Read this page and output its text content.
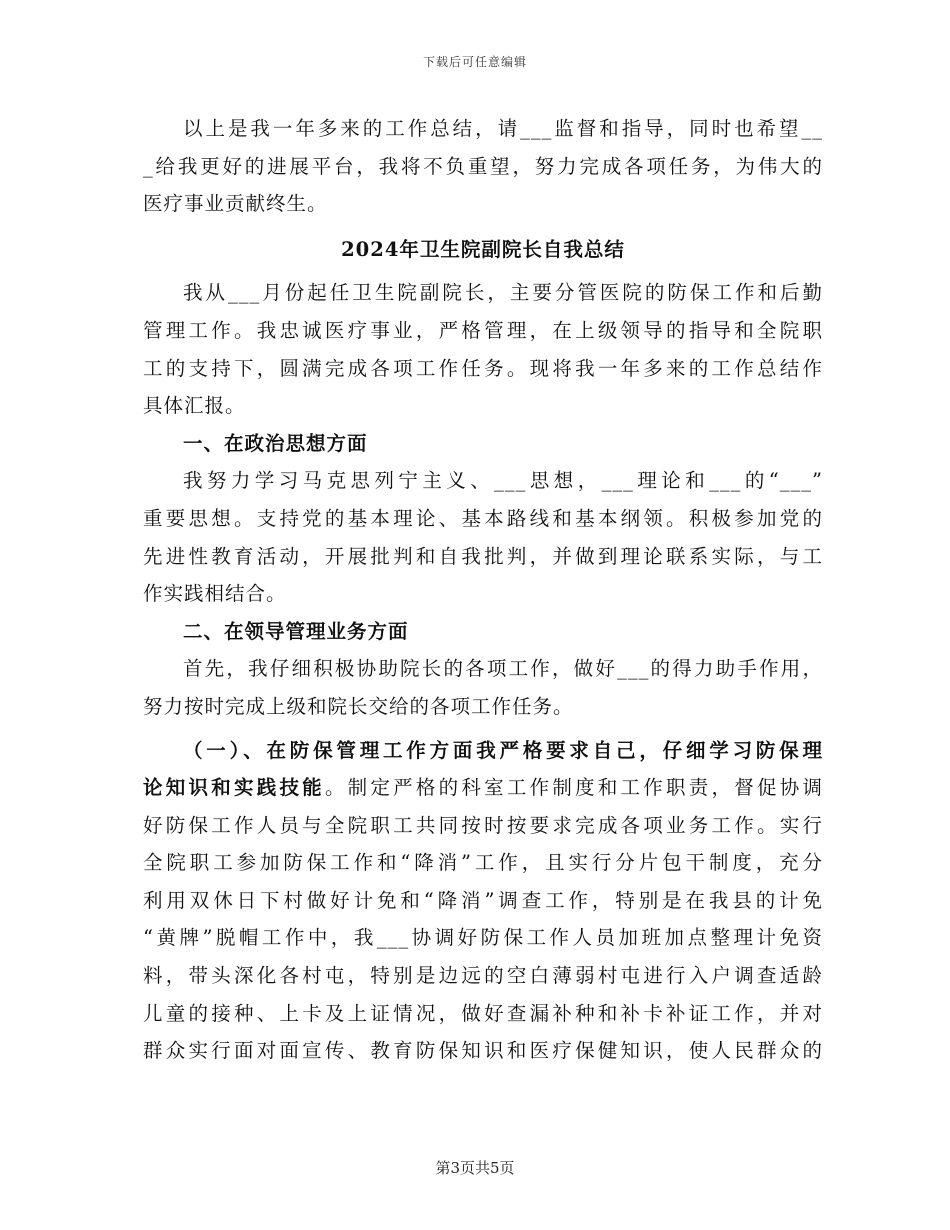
下载后可任意编辑
以上是我一年多来的工作总结，请___监督和指导，同时也希望__
_给我更好的进展平台，我将不负重望，努力完成各项任务，为伟大的
医疗事业贡献终生。
2024年卫生院副院长自我总结
我从___月份起任卫生院副院长，主要分管医院的防保工作和后勤
管理工作。我忠诚医疗事业，严格管理，在上级领导的指导和全院职
工的支持下，圆满完成各项工作任务。现将我一年多来的工作总结作
具体汇报。
一、在政治思想方面
我努力学习马克思列宁主义、___思想，___理论和___的“___”
重要思想。支持党的基本理论、基本路线和基本纲领。积极参加党的
先进性教育活动，开展批判和自我批判，并做到理论联系实际，与工
作实践相结合。
二、在领导管理业务方面
首先，我仔细积极协助院长的各项工作，做好___的得力助手作用，
努力按时完成上级和院长交给的各项工作任务。
（一）、在防保管理工作方面我严格要求自己，仔细学习防保理
论知识和实践技能。制定严格的科室工作制度和工作职责，督促协调
好防保工作人员与全院职工共同按时按要求完成各项业务工作。实行
全院职工参加防保工作和“降消”工作，且实行分片包干制度，充分
利用双休日下村做好计免和“降消”调查工作，特别是在我县的计免
“黄牌”脱帽工作中，我___协调好防保工作人员加班加点整理计免资
料，带头深化各村屯，特别是边远的空白薄弱村屯进行入户调查适龄
儿童的接种、上卡及上证情况，做好查漏补种和补卡补证工作，并对
群众实行面对面宣传、教育防保知识和医疗保健知识，使人民群众的
第3页共5页
